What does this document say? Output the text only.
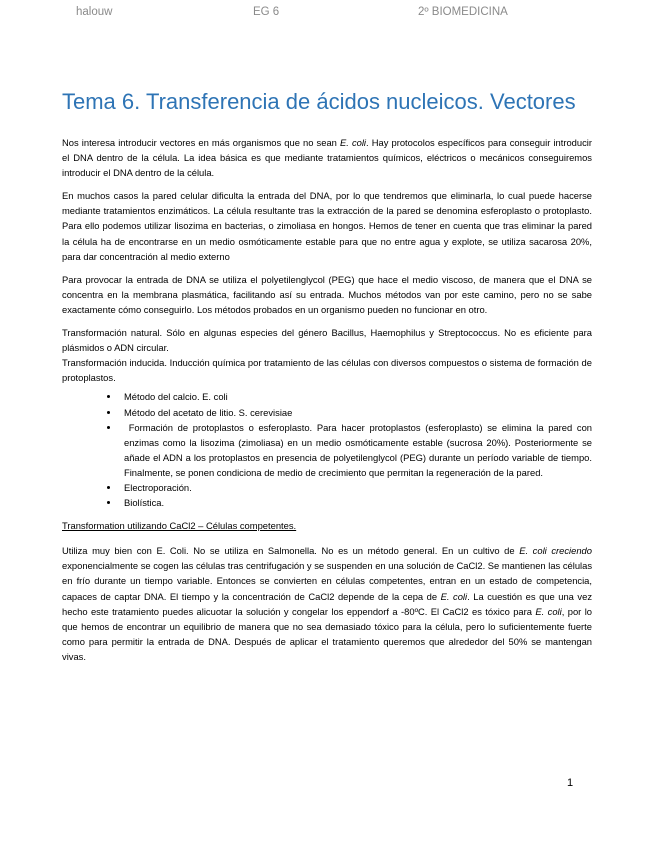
halouw	EG 6	2º BIOMEDICINA
Tema 6. Transferencia de ácidos nucleicos. Vectores

Nos interesa introducir vectores en más organismos que no sean E. coli. Hay protocolos específicos para conseguir introducir el DNA dentro de la célula. La idea básica es que mediante tratamientos químicos, eléctricos o mecánicos conseguiremos introducir el DNA dentro de la célula.

En muchos casos la pared celular dificulta la entrada del DNA, por lo que tendremos que eliminarla, lo cual puede hacerse mediante tratamientos enzimáticos. La célula resultante tras la extracción de la pared se denomina esferoplasto o protoplasto. Para ello podemos utilizar lisozima en bacterias, o zimoliasa en hongos. Hemos de tener en cuenta que tras eliminar la pared la célula ha de encontrarse en un medio osmóticamente estable para que no entre agua y explote, se utiliza sacarosa 20%, para dar concentración al medio externo

Para provocar la entrada de DNA se utiliza el polyetilenglycol (PEG) que hace el medio viscoso, de manera que el DNA se concentra en la membrana plasmática, facilitando así su entrada. Muchos métodos van por este camino, pero no se sabe exactamente cómo conseguirlo. Los métodos probados en un organismo pueden no funcionar en otro.

Transformación natural. Sólo en algunas especies del género Bacillus, Haemophilus y Streptococcus. No es eficiente para plásmidos o ADN circular.

Transformación inducida. Inducción química por tratamiento de las células con diversos compuestos o sistema de formación de protoplastos.

• Método del calcio. E. coli
• Método del acetato de litio. S. cerevisiae
•  Formación de protoplastos o esferoplasto. Para hacer protoplastos (esferoplasto) se elimina la pared con enzimas como la lisozima (zimoliasa) en un medio osmóticamente estable (sucrosa 20%). Posteriormente se añade el ADN a los protoplastos en presencia de polyetilenglycol (PEG) durante un período variable de tiempo. Finalmente, se ponen condiciona de medio de crecimiento que permitan la regeneración de la pared.
• Electroporación.
• Biolística.

Transformation utilizando CaCl2 – Células competentes.

Utiliza muy bien con E. Coli. No se utiliza en Salmonella. No es un método general. En un cultivo de E. coli creciendo exponencialmente se cogen las células tras centrifugación y se suspenden en una solución de CaCl2. Se mantienen las células en frío durante un tiempo variable. Entonces se convierten en células competentes, entran en un estado de competencia, capaces de captar DNA. El tiempo y la concentración de CaCl2 depende de la cepa de E. coli. La cuestión es que una vez hecho este tratamiento puedes alicuotar la solución y congelar los eppendorf a -80ºC. El CaCl2 es tóxico para E. coli, por lo que hemos de encontrar un equilibrio de manera que no sea demasiado tóxico para la célula, pero lo suficientemente fuerte como para permitir la entrada de DNA. Después de aplicar el tratamiento queremos que alrededor del 50% se mantengan vivas.

1
